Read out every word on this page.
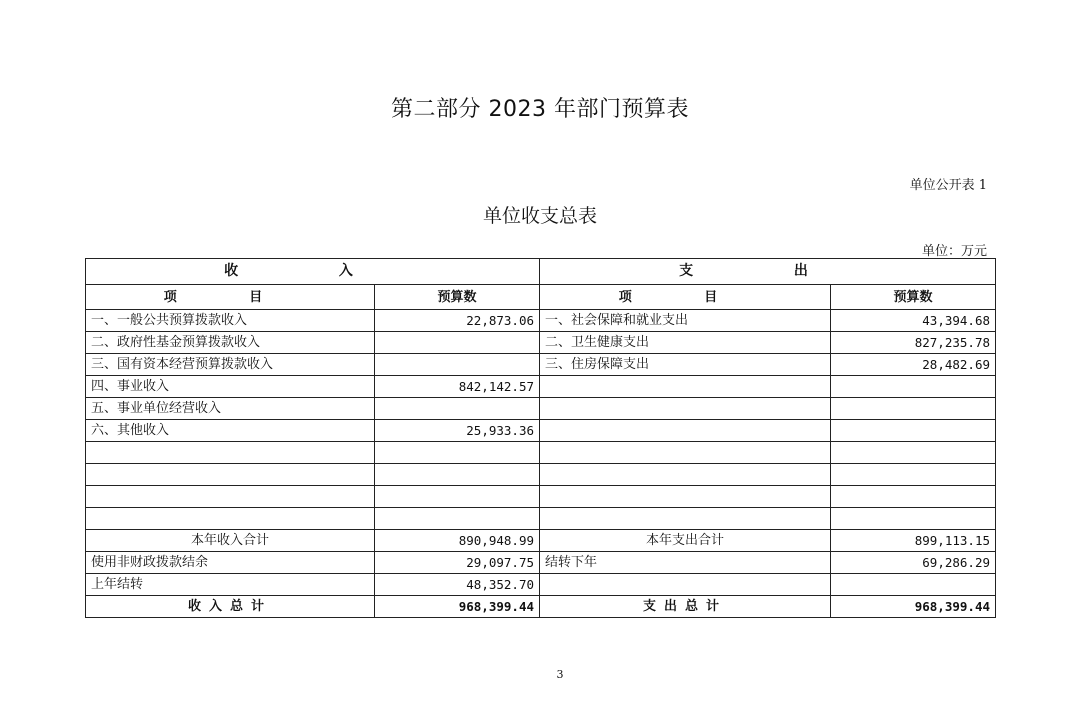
第二部分 2023 年部门预算表
单位公开表 1
单位收支总表
单位：万元
收 入		支 出	
项 目	预算数	项 目	预算数
一、一般公共预算拨款收入	22,873.06	一、社会保障和就业支出	43,394.68
二、政府性基金预算拨款收入		二、卫生健康支出	827,235.78
三、国有资本经营预算拨款收入		三、住房保障支出	28,482.69
四、事业收入	842,142.57		
五、事业单位经营收入			
六、其他收入	25,933.36		

本年收入合计	890,948.99	本年支出合计	899,113.15
使用非财政拨款结余	29,097.75	结转下年	69,286.29
上年结转	48,352.70		
收入总计	968,399.44	支出总计	968,399.44
3
